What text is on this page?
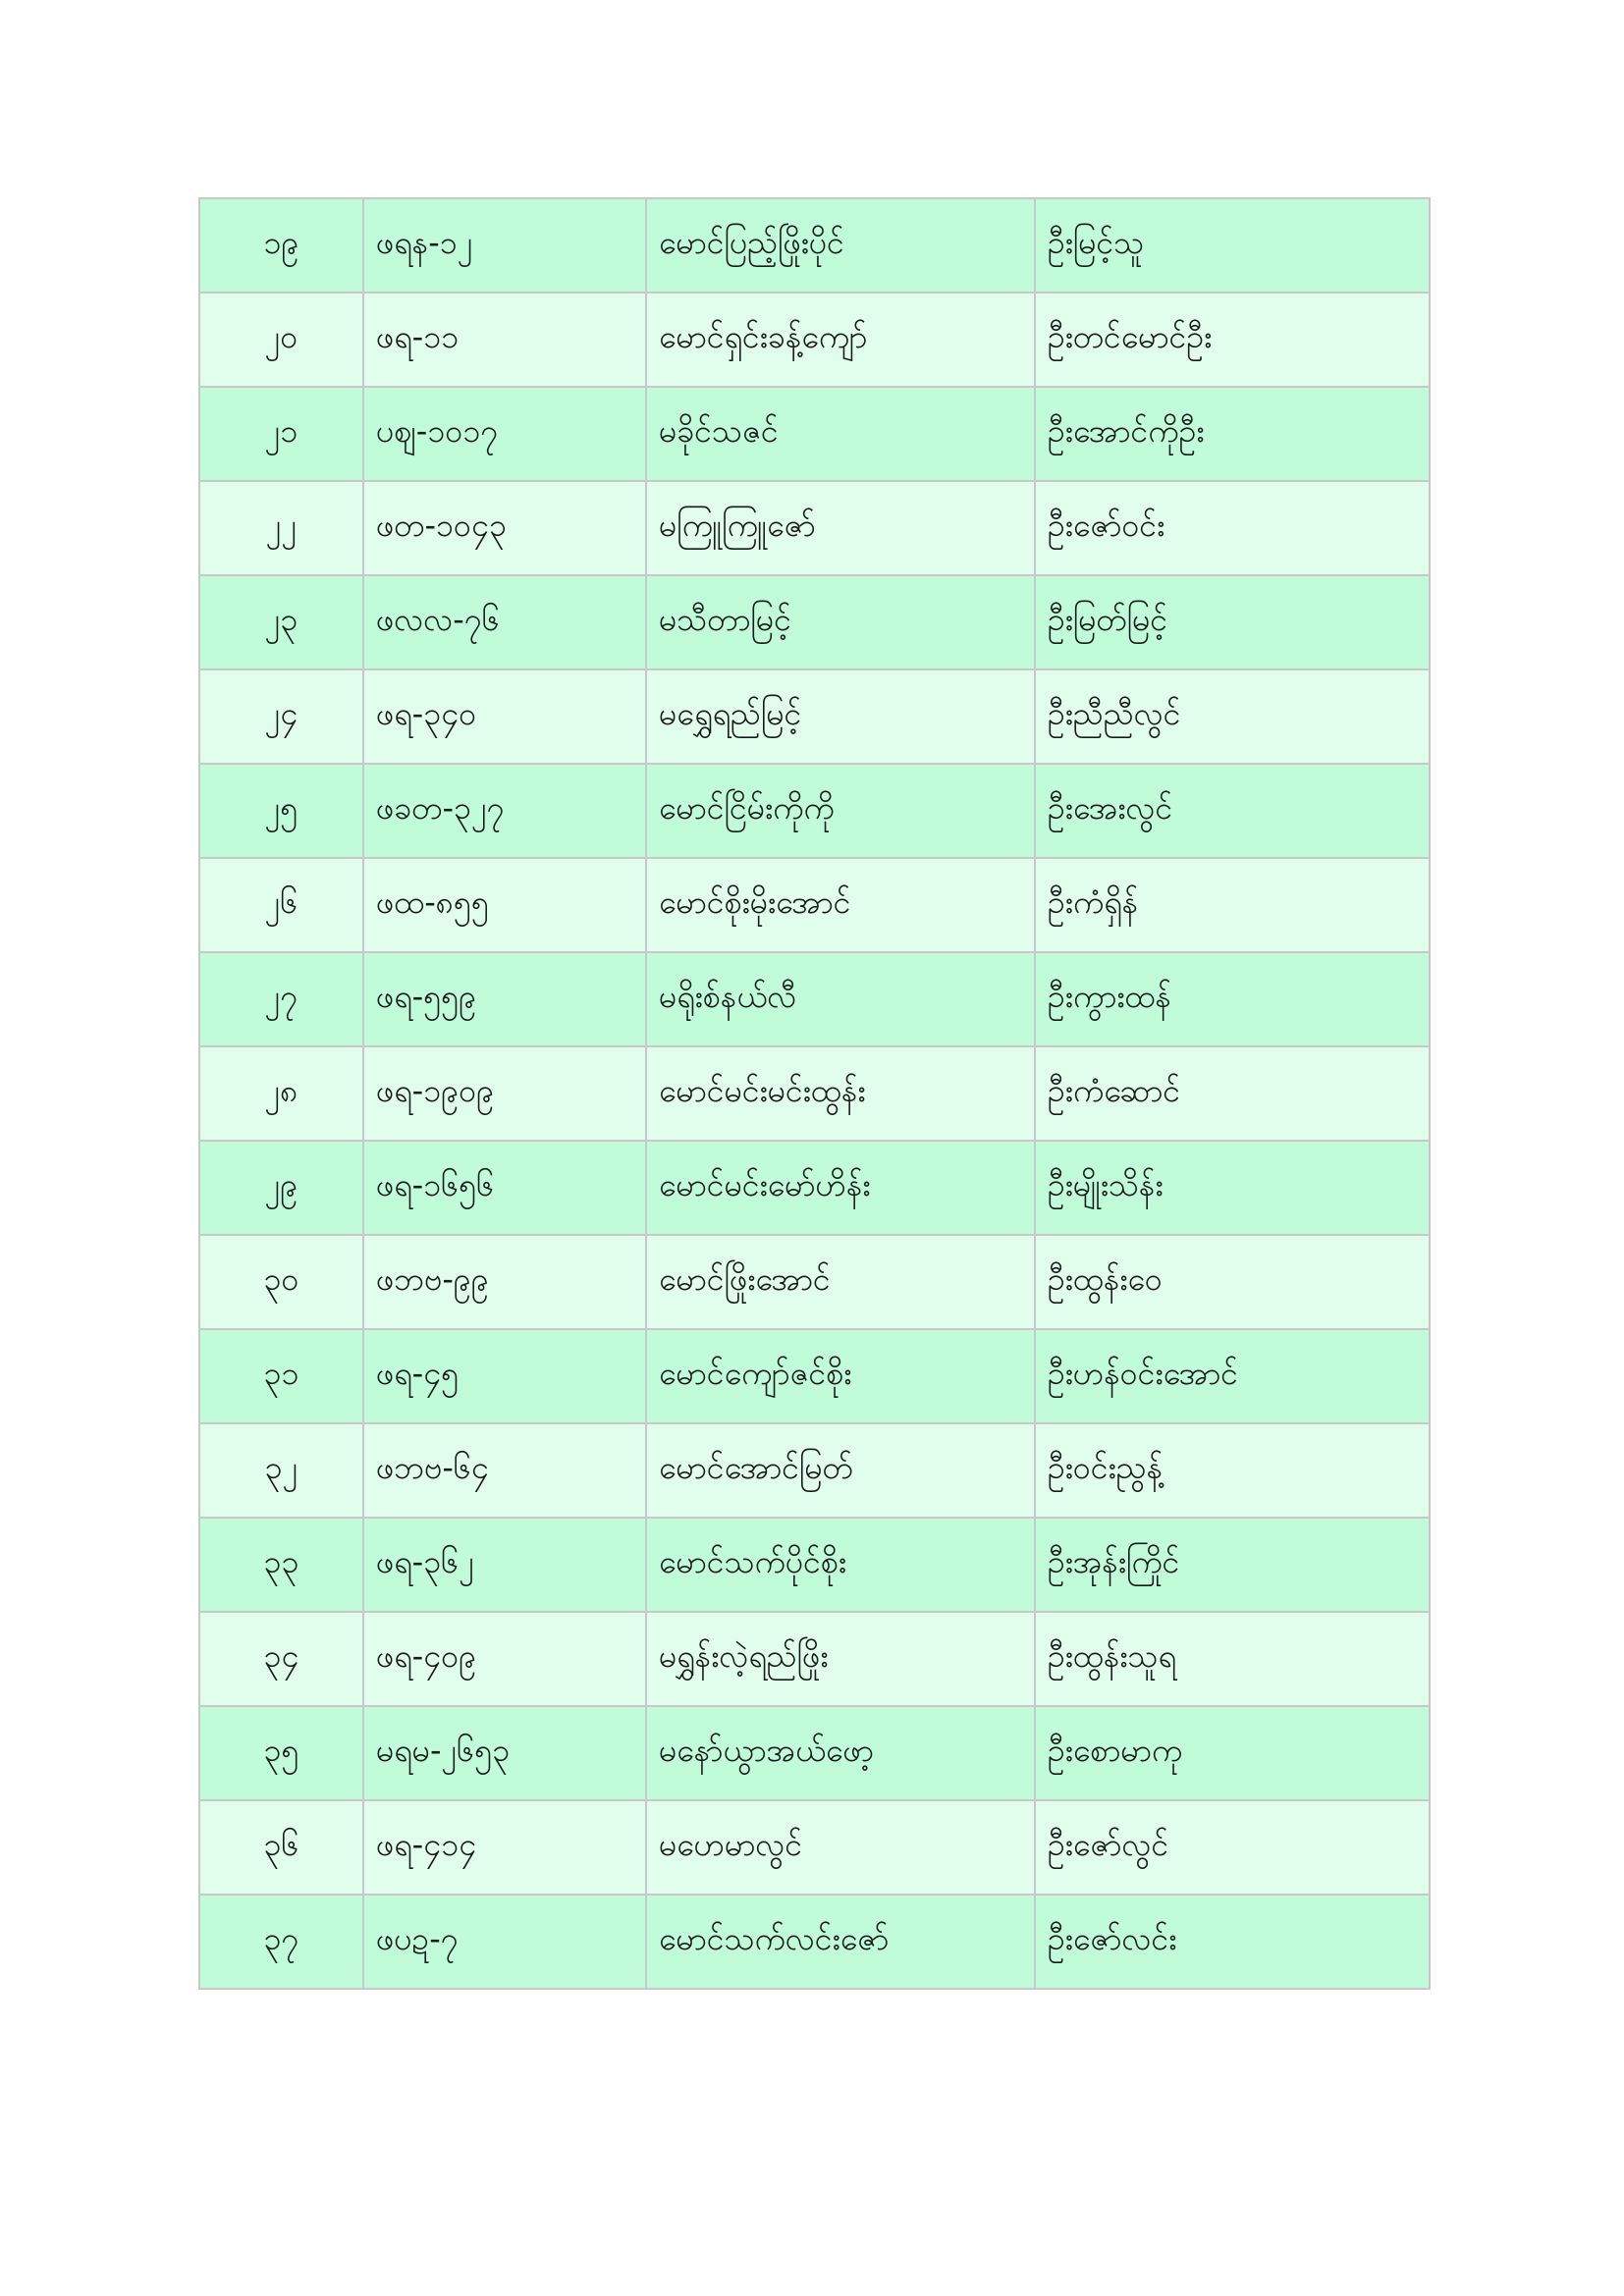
၁၉	ဖရန-၁၂	မောင်ပြည့်ဖြိုးပိုင်	ဦးမြင့်သူ
၂၀	ဖရ-၁၁	မောင်ရှင်းခန့်ကျော်	ဦးတင်မောင်ဦး
၂၁	ပဈ-၁၀၁၇	မခိုင်သဇင်	ဦးအောင်ကိုဦး
၂၂	ဖတ-၁၀၄၃	မကြူကြူဇော်	ဦးဇော်ဝင်း
၂၃	ဖလလ-၇၆	မသီတာမြင့်	ဦးမြတ်မြင့်
၂၄	ဖရ-၃၄၀	မရွှေရည်မြင့်	ဦးညီညီလွင်
၂၅	ဖခတ-၃၂၇	မောင်ငြိမ်းကိုကို	ဦးအေးလွင်
၂၆	ဖထ-၈၅၅	မောင်စိုးမိုးအောင်	ဦးကံရှိန်
၂၇	ဖရ-၅၅၉	မရိုးစ်နယ်လီ	ဦးကွားထန်
၂၈	ဖရ-၁၉၀၉	မောင်မင်းမင်းထွန်း	ဦးကံဆောင်
၂၉	ဖရ-၁၆၅၆	မောင်မင်းမော်ဟိန်း	ဦးမျိုးသိန်း
၃၀	ဖဘဗ-၉၉	မောင်ဖြိုးအောင်	ဦးထွန်းဝေ
၃၁	ဖရ-၄၅	မောင်ကျော်ဇင်စိုး	ဦးဟန်ဝင်းအောင်
၃၂	ဖဘဗ-၆၄	မောင်အောင်မြတ်	ဦးဝင်းညွန့်
၃၃	ဖရ-၃၆၂	မောင်သက်ပိုင်စိုး	ဦးအုန်းကြိုင်
၃၄	ဖရ-၄၀၉	မရွှန်းလဲ့ရည်ဖြိုး	ဦးထွန်းသူရ
၃၅	မရမ-၂၆၅၃	မနော်ယွာအယ်ဖော့	ဦးစောမာကု
၃၆	ဖရ-၄၁၄	မဟေမာလွင်	ဦးဇော်လွင်
၃၇	ဖပဍ-၇	မောင်သက်လင်းဇော်	ဦးဇော်လင်း
